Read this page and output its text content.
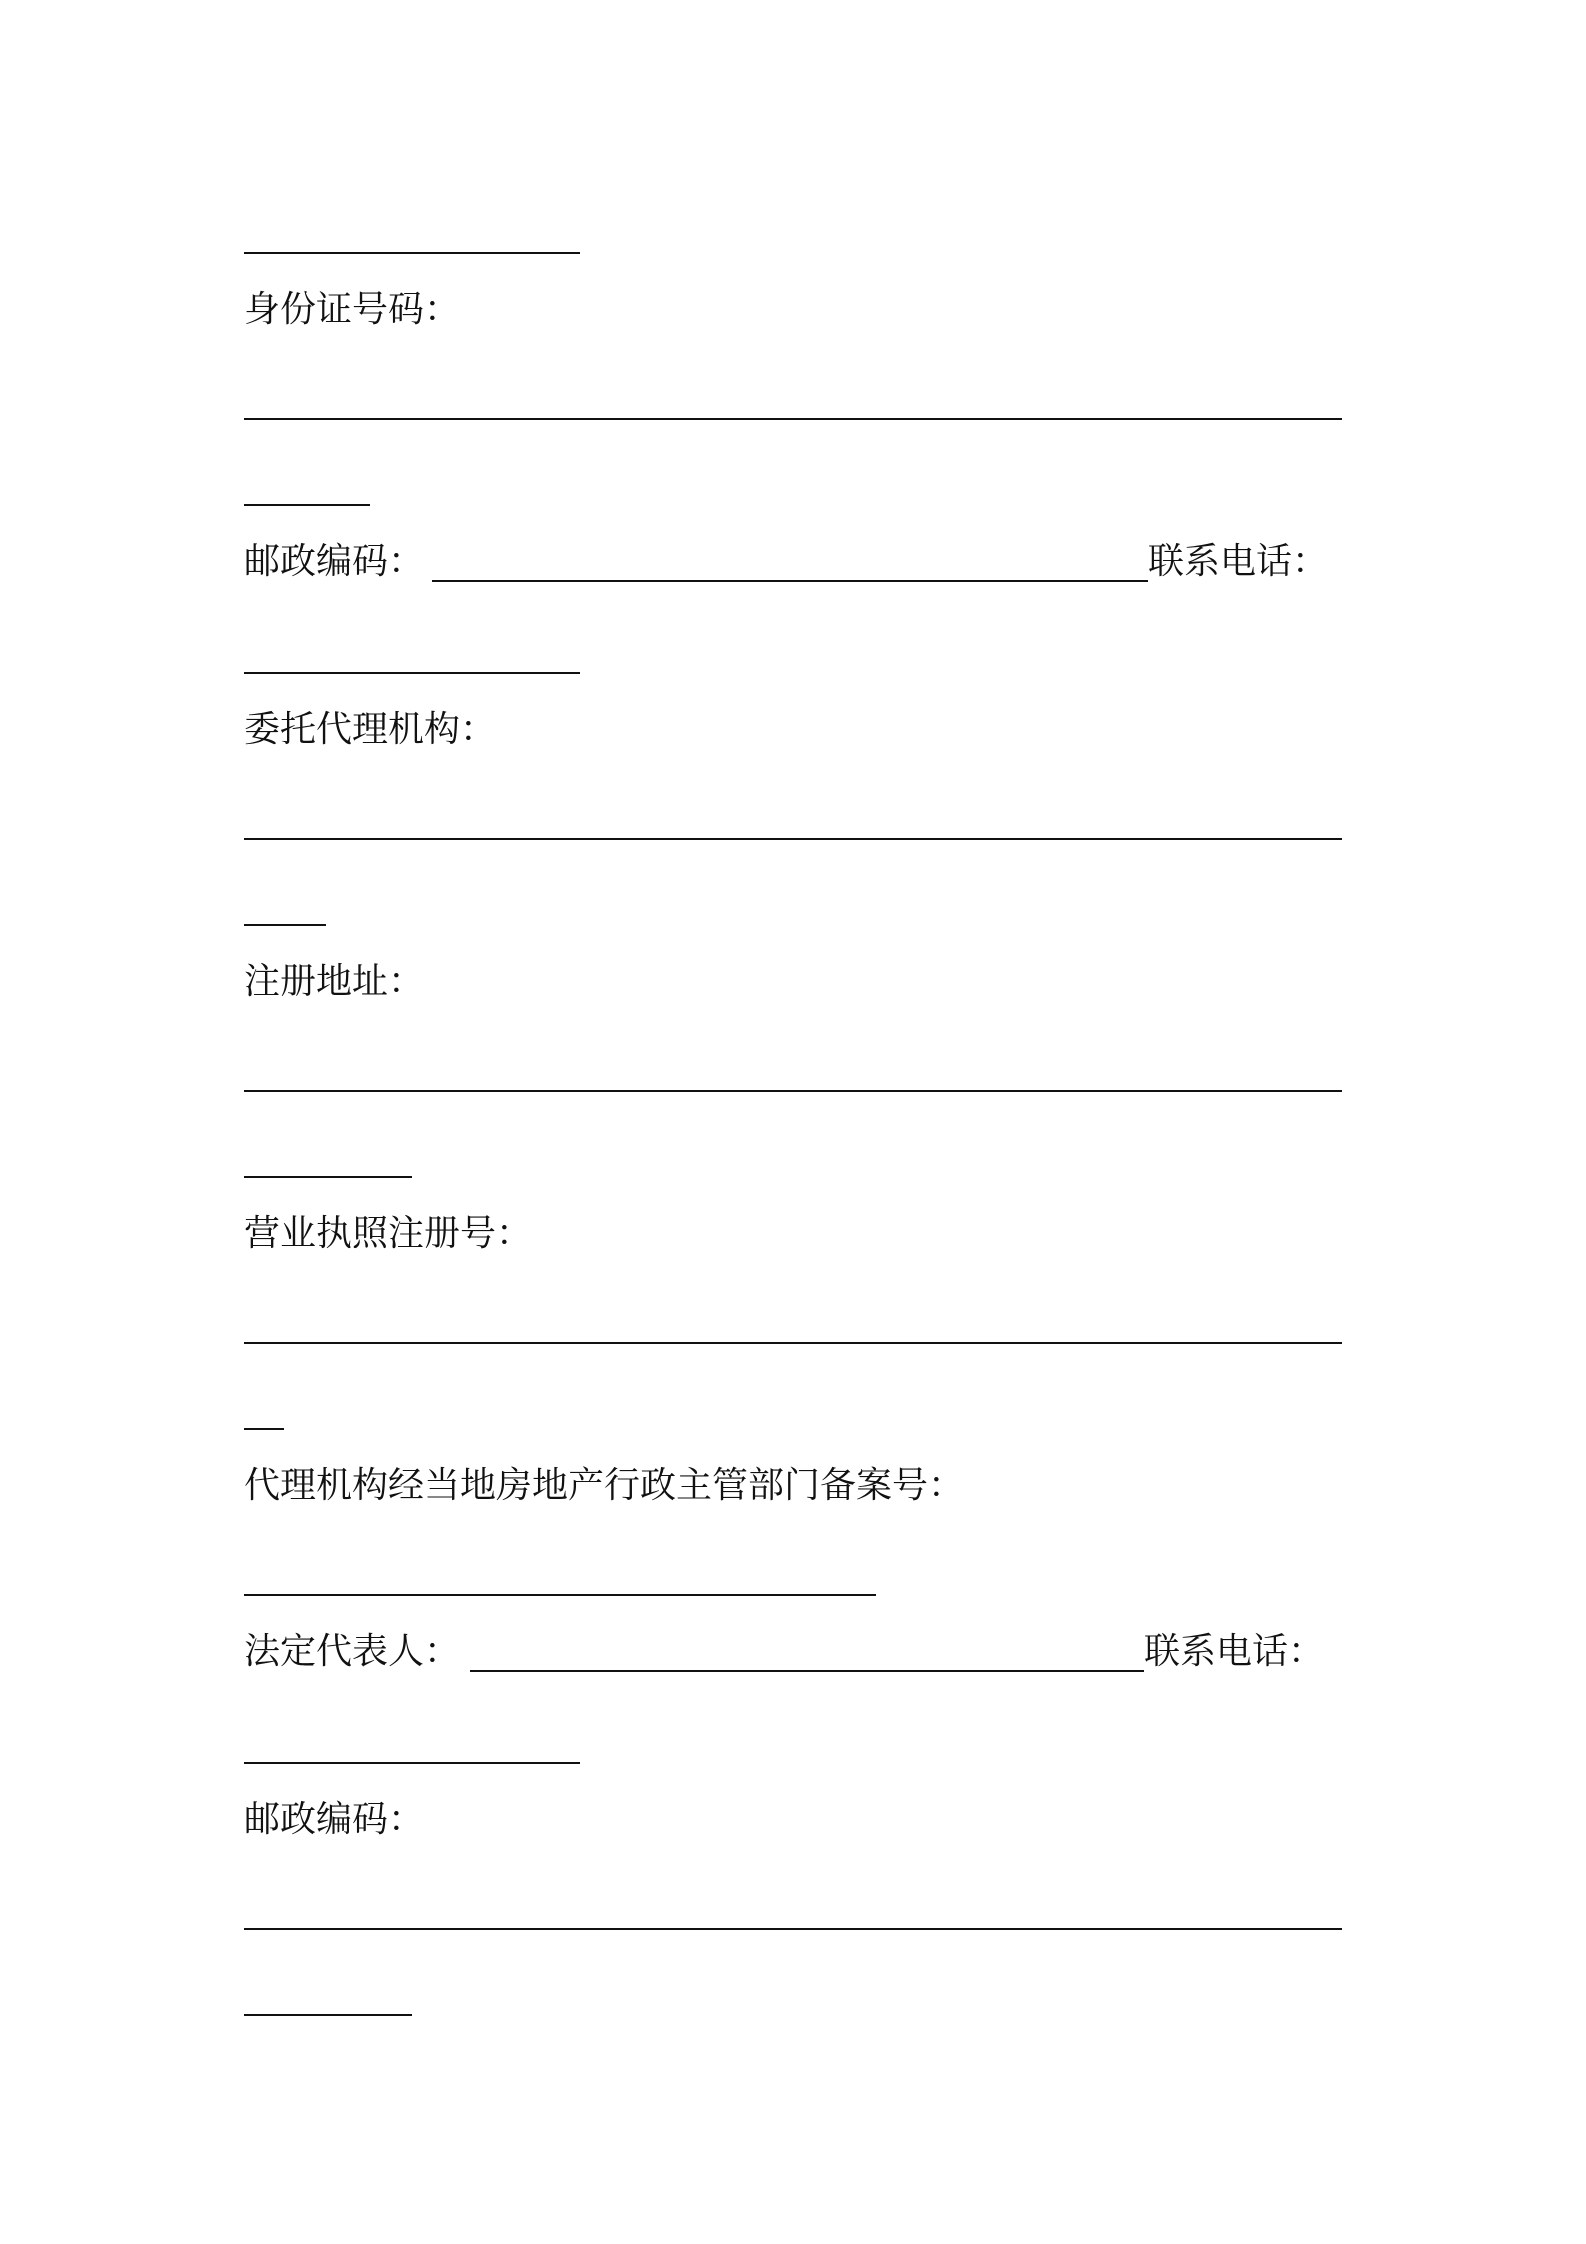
身份证号码：
邮政编码：	联系电话：
委托代理机构：
注册地址：
营业执照注册号：
代理机构经当地房地产行政主管部门备案号：
法定代表人：	联系电话：
邮政编码：
